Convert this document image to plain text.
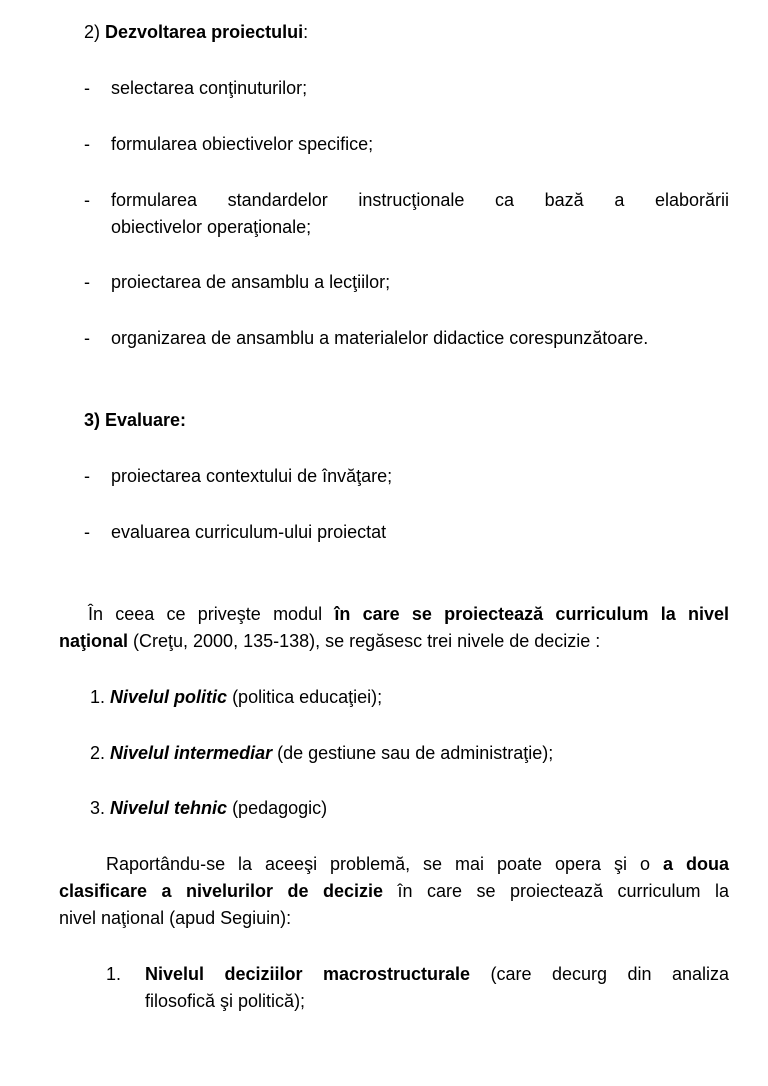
2) Dezvoltarea proiectului:
- selectarea conţinuturilor;
- formularea obiectivelor specifice;
- formularea standardelor instrucţionale ca bază a elaborării
obiectivelor operaţionale;
- proiectarea de ansamblu a lecţiilor;
- organizarea de ansamblu a materialelor didactice corespunzătoare.
3) Evaluare:
- proiectarea contextului de învăţare;
- evaluarea curriculum-ului proiectat
În ceea ce priveşte modul în care se proiectează curriculum la nivel
naţional (Creţu, 2000, 135-138), se regăsesc trei nivele de decizie :
1. Nivelul politic (politica educaţiei);
2. Nivelul intermediar (de gestiune sau de administraţie);
3. Nivelul tehnic (pedagogic)
Raportându-se la aceeşi problemă, se mai poate opera şi o a doua
clasificare a nivelurilor de decizie în care se proiectează curriculum la
nivel naţional (apud Segiuin):
1. Nivelul deciziilor macrostructurale (care decurg din analiza
filosofică şi politică);
